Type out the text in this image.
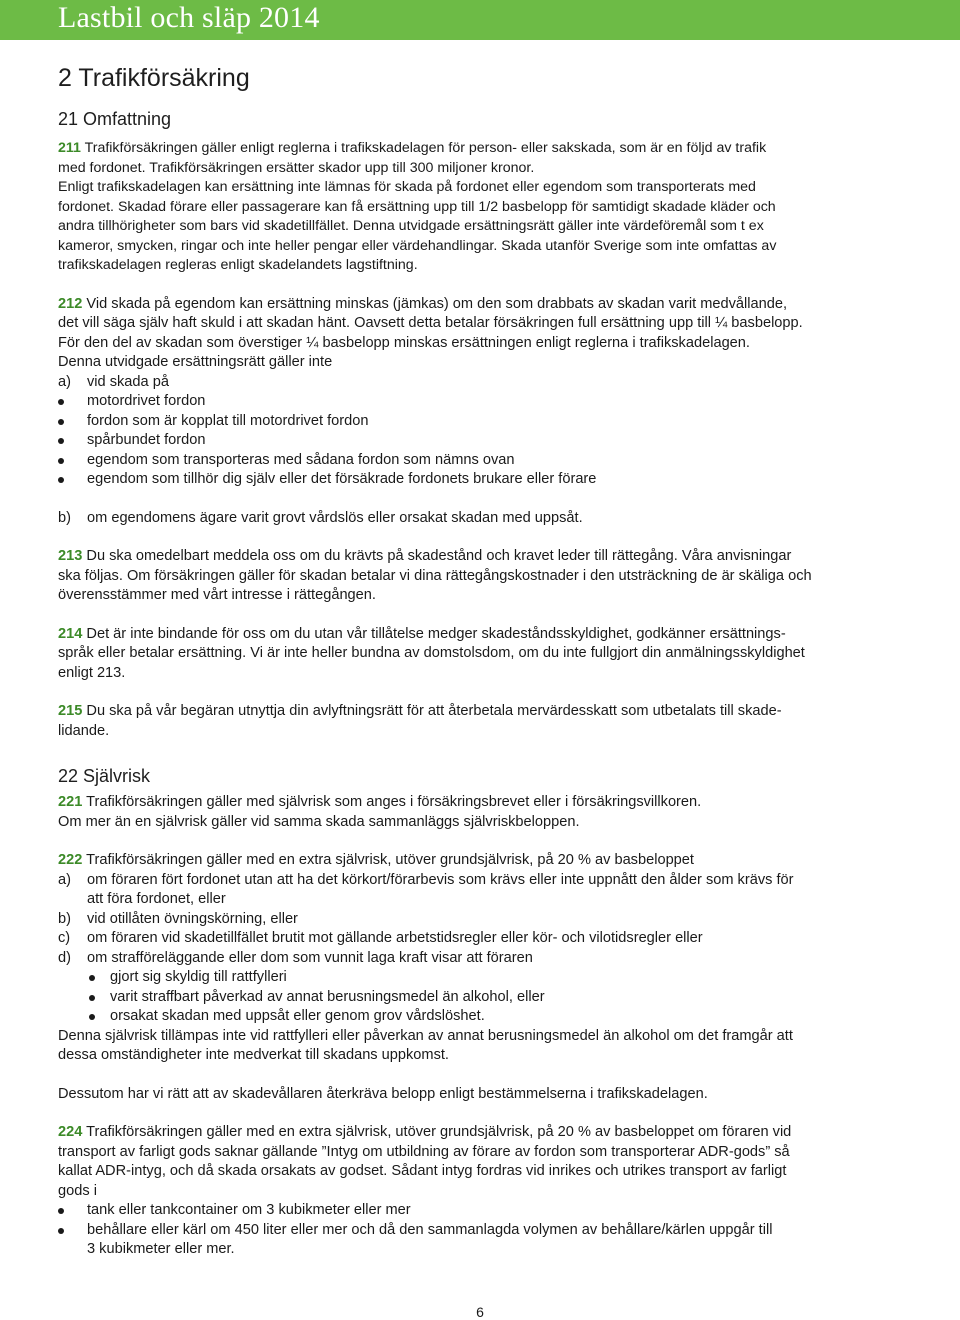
Lastbil och släp 2014
2 Trafikförsäkring
21 Omfattning
211 Trafikförsäkringen gäller enligt reglerna i trafikskadelagen för person- eller sakskada, som är en följd av trafik
med fordonet. Trafikförsäkringen ersätter skador upp till 300 miljoner kronor.
Enligt trafikskadelagen kan ersättning inte lämnas för skada på fordonet eller egendom som transporterats med
fordonet. Skadad förare eller passagerare kan få ersättning upp till 1/2 basbelopp för samtidigt skadade kläder och
andra tillhörigheter som bars vid skadetillfället. Denna utvidgade ersättningsrätt gäller inte värdeföremål som t ex
kameror, smycken, ringar och inte heller pengar eller värdehandlingar. Skada utanför Sverige som inte omfattas av
trafikskadelagen regleras enligt skadelandets lagstiftning.
212 Vid skada på egendom kan ersättning minskas (jämkas) om den som drabbats av skadan varit medvållande,
det vill säga själv haft skuld i att skadan hänt. Oavsett detta betalar försäkringen full ersättning upp till ¼ basbelopp.
För den del av skadan som överstiger ¼ basbelopp minskas ersättningen enligt reglerna i trafikskadelagen.
Denna utvidgade ersättningsrätt gäller inte
a)	vid skada på
motordrivet fordon
fordon som är kopplat till motordrivet fordon
spårbundet fordon
egendom som transporteras med sådana fordon som nämns ovan
egendom som tillhör dig själv eller det försäkrade fordonets brukare eller förare
b)	om egendomens ägare varit grovt vårdslös eller orsakat skadan med uppsåt.
213 Du ska omedelbart meddela oss om du krävts på skadestånd och kravet leder till rättegång. Våra anvisningar
ska följas. Om försäkringen gäller för skadan betalar vi dina rättegångskostnader i den utsträckning de är skäliga och
överensstämmer med vårt intresse i rättegången.
214 Det är inte bindande för oss om du utan vår tillåtelse medger skadeståndsskyldighet, godkänner ersättnings-
språk eller betalar ersättning. Vi är inte heller bundna av domstolsdom, om du inte fullgjort din anmälningsskyldighet
enligt 213.
215 Du ska på vår begäran utnyttja din avlyftningsrätt för att återbetala mervärdesskatt som utbetalats till skade-
lidande.
22 Självrisk
221 Trafikförsäkringen gäller med självrisk som anges i försäkringsbrevet eller i försäkringsvillkoren.
Om mer än en självrisk gäller vid samma skada sammanläggs självriskbeloppen.
222 Trafikförsäkringen gäller med en extra självrisk, utöver grundsjälvrisk, på 20 % av basbeloppet
a)	om föraren fört fordonet utan att ha det körkort/förarbevis som krävs eller inte uppnått den ålder som krävs för
att föra fordonet, eller
b)	vid otillåten övningskörning, eller
c)	om föraren vid skadetillfället brutit mot gällande arbetstidsregler eller kör- och vilotidsregler eller
d)	om strafföreläggande eller dom som vunnit laga kraft visar att föraren
gjort sig skyldig till rattfylleri
varit straffbart påverkad av annat berusningsmedel än alkohol, eller
orsakat skadan med uppsåt eller genom grov vårdslöshet.
Denna självrisk tillämpas inte vid rattfylleri eller påverkan av annat berusningsmedel än alkohol om det framgår att
dessa omständigheter inte medverkat till skadans uppkomst.
Dessutom har vi rätt att av skadevållaren återkräva belopp enligt bestämmelserna i trafikskadelagen.
224 Trafikförsäkringen gäller med en extra självrisk, utöver grundsjälvrisk, på 20 % av basbeloppet om föraren vid
transport av farligt gods saknar gällande ”Intyg om utbildning av förare av fordon som transporterar ADR-gods” så
kallat ADR-intyg, och då skada orsakats av godset. Sådant intyg fordras vid inrikes och utrikes transport av farligt
gods i
tank eller tankcontainer om 3 kubikmeter eller mer
behållare eller kärl om 450 liter eller mer och då den sammanlagda volymen av behållare/kärlen uppgår till
3 kubikmeter eller mer.
6
